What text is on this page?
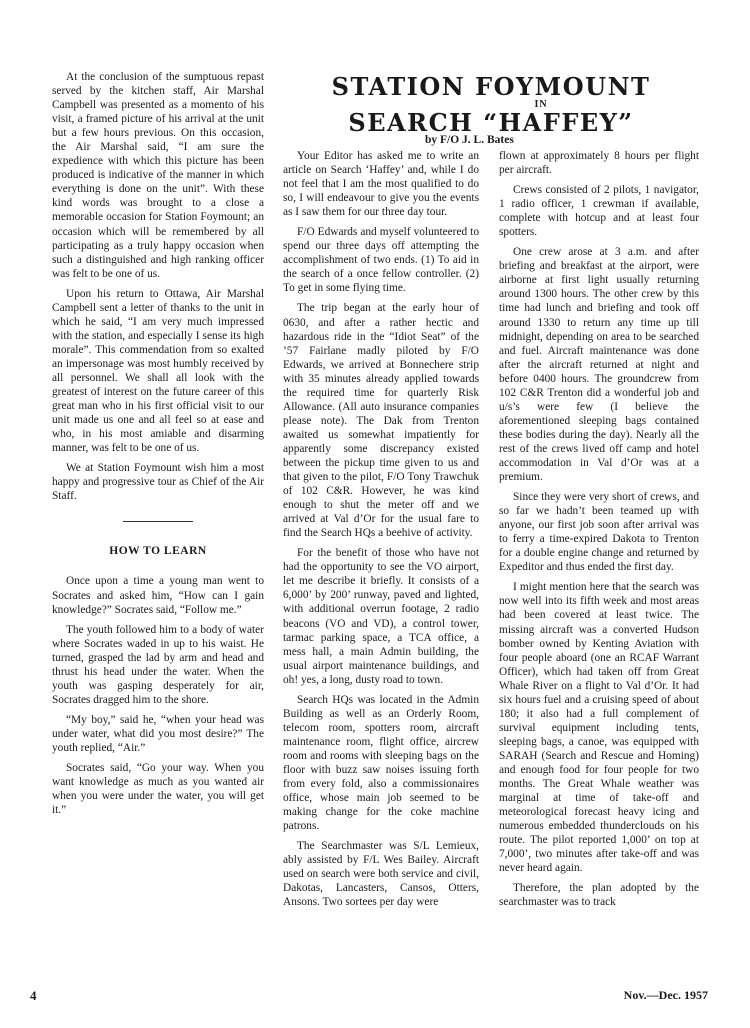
At the conclusion of the sumptuous repast served by the kitchen staff, Air Marshal Campbell was presented as a momento of his visit, a framed picture of his arrival at the unit but a few hours previous. On this occasion, the Air Marshal said, “I am sure the expedience with which this picture has been produced is indicative of the manner in which everything is done on the unit”. With these kind words was brought to a close a memorable occasion for Station Foymount; an occasion which will be remembered by all participating as a truly happy occasion when such a distinguished and high ranking officer was felt to be one of us.

Upon his return to Ottawa, Air Marshal Campbell sent a letter of thanks to the unit in which he said, “I am very much impressed with the station, and especially I sense its high morale”. This commendation from so exalted an impersonage was most humbly received by all personnel. We shall all look with the greatest of interest on the future career of this great man who in his first official visit to our unit made us one and all feel so at ease and who, in his most amiable and disarming manner, was felt to be one of us.

We at Station Foymount wish him a most happy and progressive tour as Chief of the Air Staff.

HOW TO LEARN

Once upon a time a young man went to Socrates and asked him, “How can I gain knowledge?” Socrates said, “Follow me.”

The youth followed him to a body of water where Socrates waded in up to his waist. He turned, grasped the lad by arm and head and thrust his head under the water. When the youth was gasping desperately for air, Socrates dragged him to the shore.

“My boy,” said he, “when your head was under water, what did you most desire?” The youth replied, “Air.”

Socrates said, “Go your way. When you want knowledge as much as you wanted air when you were under the water, you will get it.”

STATION FOYMOUNT
IN
SEARCH “HAFFEY”
by F/O J. L. Bates

Your Editor has asked me to write an article on Search ‘Haffey’ and, while I do not feel that I am the most qualified to do so, I will endeavour to give you the events as I saw them for our three day tour.

F/O Edwards and myself volunteered to spend our three days off attempting the accomplishment of two ends. (1) To aid in the search of a once fellow controller. (2) To get in some flying time.

The trip began at the early hour of 0630, and after a rather hectic and hazardous ride in the “Idiot Seat” of the ’57 Fairlane madly piloted by F/O Edwards, we arrived at Bonnechere strip with 35 minutes already applied towards the required time for quarterly Risk Allowance. (All auto insurance companies please note). The Dak from Trenton awaited us somewhat impatiently for apparently some discrepancy existed between the pickup time given to us and that given to the pilot, F/O Tony Trawchuk of 102 C&R. However, he was kind enough to shut the meter off and we arrived at Val d’Or for the usual fare to find the Search HQs a beehive of activity.

For the benefit of those who have not had the opportunity to see the VO airport, let me describe it briefly. It consists of a 6,000’ by 200’ runway, paved and lighted, with additional overrun footage, 2 radio beacons (VO and VD), a control tower, tarmac parking space, a TCA office, a mess hall, a main Admin building, the usual airport maintenance buildings, and oh! yes, a long, dusty road to town.

Search HQs was located in the Admin Building as well as an Orderly Room, telecom room, spotters room, aircraft maintenance room, flight office, aircrew room and rooms with sleeping bags on the floor with buzz saw noises issuing forth from every fold, also a commissionaires office, whose main job seemed to be making change for the coke machine patrons.

The Searchmaster was S/L Lemieux, ably assisted by F/L Wes Bailey. Aircraft used on search were both service and civil, Dakotas, Lancasters, Cansos, Otters, Ansons. Two sortees per day were

flown at approximately 8 hours per flight per aircraft.

Crews consisted of 2 pilots, 1 navigator, 1 radio officer, 1 crewman if available, complete with hotcup and at least four spotters.

One crew arose at 3 a.m. and after briefing and breakfast at the airport, were airborne at first light usually returning around 1300 hours. The other crew by this time had lunch and briefing and took off around 1330 to return any time up till midnight, depending on area to be searched and fuel. Aircraft maintenance was done after the aircraft returned at night and before 0400 hours. The groundcrew from 102 C&R Trenton did a wonderful job and u/s’s were few (I believe the aforementioned sleeping bags contained these bodies during the day). Nearly all the rest of the crews lived off camp and hotel accommodation in Val d’Or was at a premium.

Since they were very short of crews, and so far we hadn’t been teamed up with anyone, our first job soon after arrival was to ferry a time-expired Dakota to Trenton for a double engine change and returned by Expeditor and thus ended the first day.

I might mention here that the search was now well into its fifth week and most areas had been covered at least twice. The missing aircraft was a converted Hudson bomber owned by Kenting Aviation with four people aboard (one an RCAF Warrant Officer), which had taken off from Great Whale River on a flight to Val d’Or. It had six hours fuel and a cruising speed of about 180; it also had a full complement of survival equipment including tents, sleeping bags, a canoe, was equipped with SARAH (Search and Rescue and Homing) and enough food for four people for two months. The Great Whale weather was marginal at time of take-off and meteorological forecast heavy icing and numerous embedded thunderclouds on his route. The pilot reported 1,000’ on top at 7,000’, two minutes after take-off and was never heard again.

Therefore, the plan adopted by the searchmaster was to track

4	Nov.—Dec. 1957
